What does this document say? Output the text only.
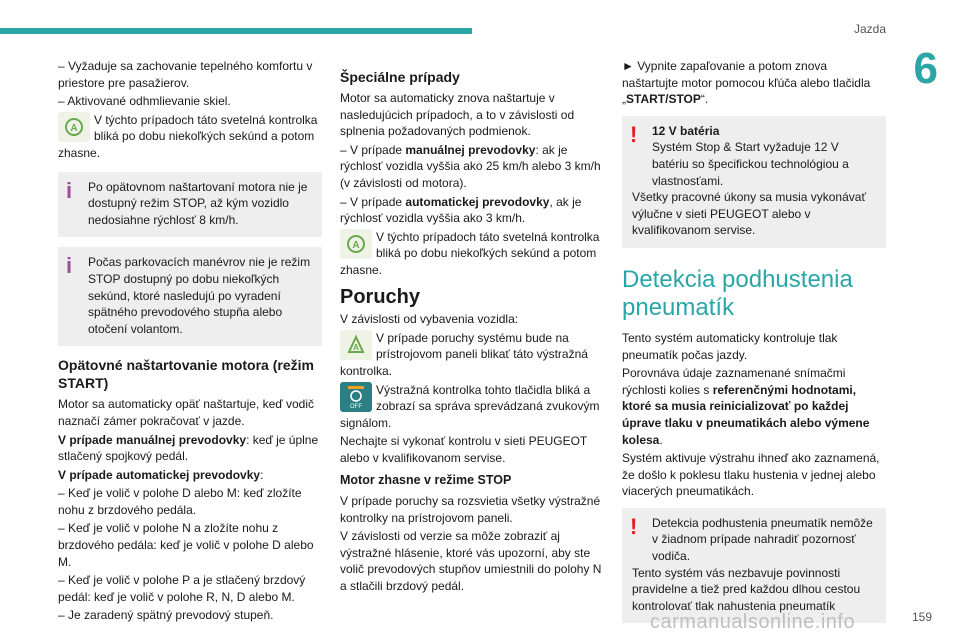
Jazda
6

– Vyžaduje sa zachovanie tepelného komfortu v priestore pre pasažierov.

– Aktivované odhmlievanie skiel.

A

V týchto prípadoch táto svetelná kontrolka bliká po dobu niekoľkých sekúnd a potom zhasne.

i	Po opätovnom naštartovaní motora nie je dostupný režim STOP, až kým vozidlo nedosiahne rýchlosť 8 km/h.
i	Počas parkovacích manévrov nie je režim STOP dostupný po dobu niekoľkých sekúnd, ktoré nasledujú po vyradení spätného prevodového stupňa alebo otočení volantom.
Opätovné naštartovanie motora (režim START)

Motor sa automaticky opäť naštartuje, keď vodič naznačí zámer pokračovať v jazde.

V prípade manuálnej prevodovky: keď je úplne stlačený spojkový pedál.

V prípade automatickej prevodovky:

– Keď je volič v polohe D alebo M: keď zložíte nohu z brzdového pedála.

– Keď je volič v polohe N a zložíte nohu z brzdového pedála: keď je volič v polohe D alebo M.

– Keď je volič v polohe P a je stlačený brzdový pedál: keď je volič v polohe R, N, D alebo M.

– Je zaradený spätný prevodový stupeň.

Špeciálne prípady

Motor sa automaticky znova naštartuje v nasledujúcich prípadoch, a to v závislosti od splnenia požadovaných podmienok.

– V prípade manuálnej prevodovky: ak je rýchlosť vozidla vyššia ako 25 km/h alebo 3 km/h (v závislosti od motora).

– V prípade automatickej prevodovky, ak je rýchlosť vozidla vyššia ako 3 km/h.

A

V týchto prípadoch táto svetelná kontrolka bliká po dobu niekoľkých sekúnd a potom zhasne.

Poruchy

V závislosti od vybavenia vozidla:

A

V prípade poruchy systému bude na prístrojovom paneli blikať táto výstražná kontrolka.

OFF

Výstražná kontrolka tohto tlačidla bliká a zobrazí sa správa sprevádzaná zvukovým signálom.

Nechajte si vykonať kontrolu v sieti PEUGEOT alebo v kvalifikovanom servise.

Motor zhasne v režime STOP

V prípade poruchy sa rozsvietia všetky výstražné kontrolky na prístrojovom paneli.

V závislosti od verzie sa môže zobraziť aj výstražné hlásenie, ktoré vás upozorní, aby ste volič prevodových stupňov umiestnili do polohy N a stlačili brzdový pedál.

► Vypnite zapaľovanie a potom znova naštartujte motor pomocou kľúča alebo tlačidla „START/STOP“.

!	12 V batéria
Systém Stop & Start vyžaduje 12 V batériu so špecifickou technológiou a vlastnosťami.
Všetky pracovné úkony sa musia vykonávať výlučne v sieti PEUGEOT alebo v kvalifikovanom servise.
Detekcia podhustenia pneumatík

Tento systém automaticky kontroluje tlak pneumatík počas jazdy.

Porovnáva údaje zaznamenané snímačmi rýchlosti kolies s referenčnými hodnotami, ktoré sa musia reinicializovať po každej úprave tlaku v pneumatikách alebo výmene kolesa.

Systém aktivuje výstrahu ihneď ako zaznamená, že došlo k poklesu tlaku hustenia v jednej alebo viacerých pneumatikách.

!	Detekcia podhustenia pneumatík nemôže v žiadnom prípade nahradiť pozornosť vodiča.
Tento systém vás nezbavuje povinnosti pravidelne a tiež pred každou dlhou cestou kontrolovať tlak nahustenia pneumatík
carmanualsonline.info	159
